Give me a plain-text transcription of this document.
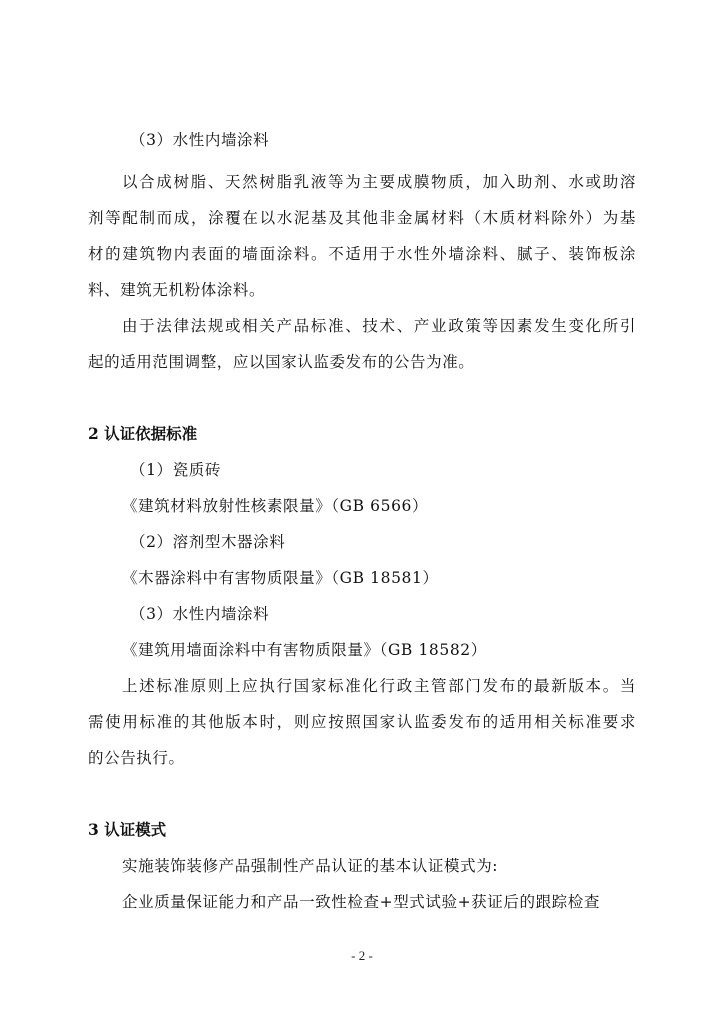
（3）水性内墙涂料
以合成树脂、天然树脂乳液等为主要成膜物质，加入助剂、水或助溶
剂等配制而成，涂覆在以水泥基及其他非金属材料（木质材料除外）为基
材的建筑物内表面的墙面涂料。不适用于水性外墙涂料、腻子、装饰板涂
料、建筑无机粉体涂料。
由于法律法规或相关产品标准、技术、产业政策等因素发生变化所引
起的适用范围调整，应以国家认监委发布的公告为准。
2 认证依据标准
（1）瓷质砖
《建筑材料放射性核素限量》（GB 6566）
（2）溶剂型木器涂料
《木器涂料中有害物质限量》（GB 18581）
（3）水性内墙涂料
《建筑用墙面涂料中有害物质限量》（GB 18582）
上述标准原则上应执行国家标准化行政主管部门发布的最新版本。当
需使用标准的其他版本时，则应按照国家认监委发布的适用相关标准要求
的公告执行。
3 认证模式
实施装饰装修产品强制性产品认证的基本认证模式为:
企业质量保证能力和产品一致性检查+型式试验+获证后的跟踪检查
- 2 -
